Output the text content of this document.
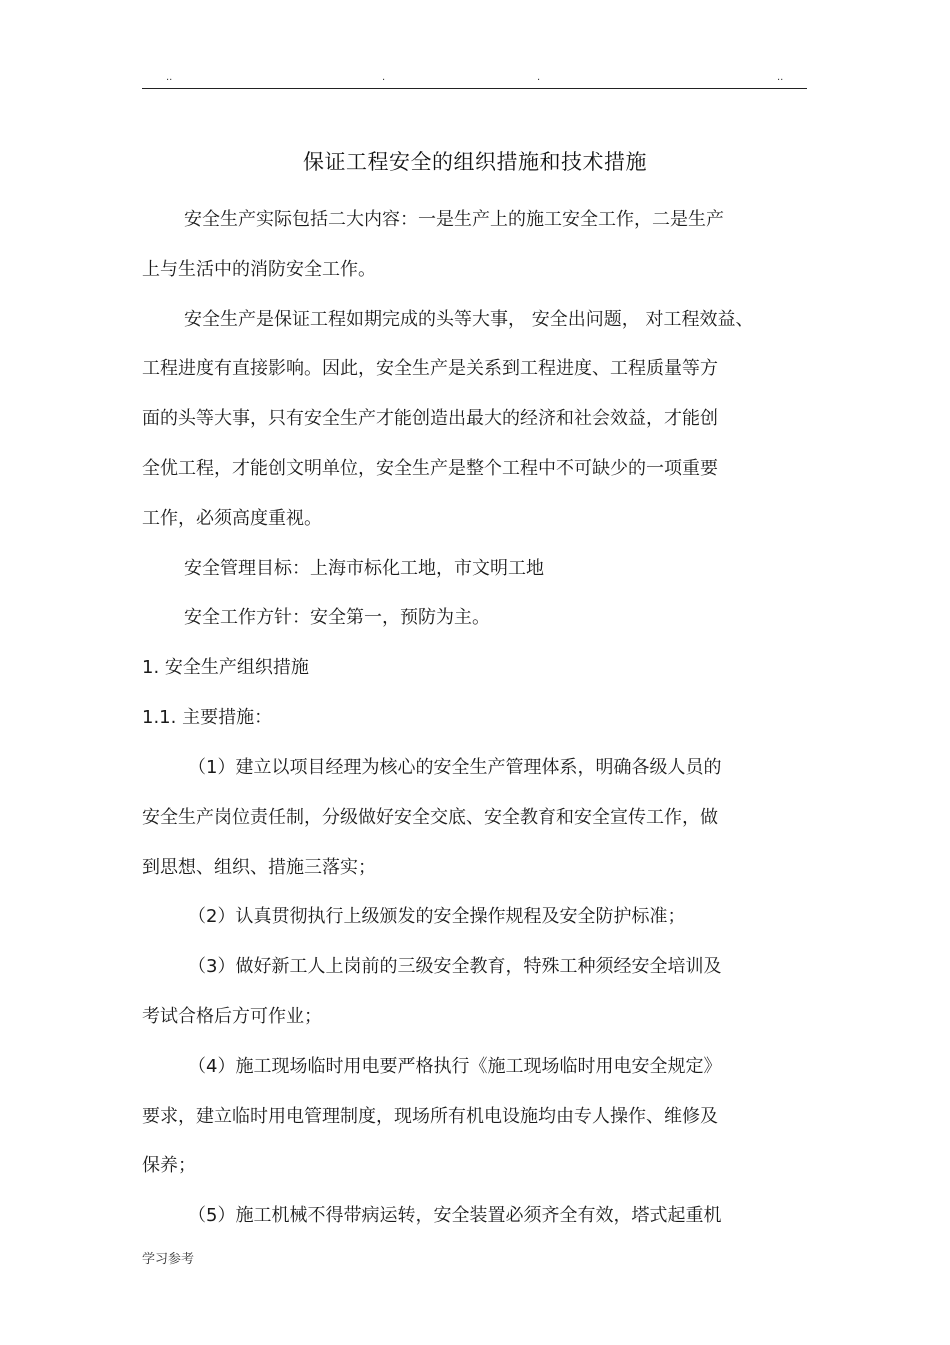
..	.	.	..
保证工程安全的组织措施和技术措施
安全生产实际包括二大内容：一是生产上的施工安全工作，二是生产
上与生活中的消防安全工作。
安全生产是保证工程如期完成的头等大事， 安全出问题， 对工程效益、
工程进度有直接影响。因此，安全生产是关系到工程进度、工程质量等方
面的头等大事，只有安全生产才能创造出最大的经济和社会效益，才能创
全优工程，才能创文明单位，安全生产是整个工程中不可缺少的一项重要
工作，必须高度重视。
安全管理目标：上海市标化工地，市文明工地
安全工作方针：安全第一，预防为主。
1. 安全生产组织措施
1.1. 主要措施：
（1）建立以项目经理为核心的安全生产管理体系，明确各级人员的
安全生产岗位责任制，分级做好安全交底、安全教育和安全宣传工作，做
到思想、组织、措施三落实；
（2）认真贯彻执行上级颁发的安全操作规程及安全防护标准；
（3）做好新工人上岗前的三级安全教育，特殊工种须经安全培训及
考试合格后方可作业；
（4）施工现场临时用电要严格执行《施工现场临时用电安全规定》
要求，建立临时用电管理制度，现场所有机电设施均由专人操作、维修及
保养；
（5）施工机械不得带病运转，安全装置必须齐全有效，塔式起重机
学习参考
